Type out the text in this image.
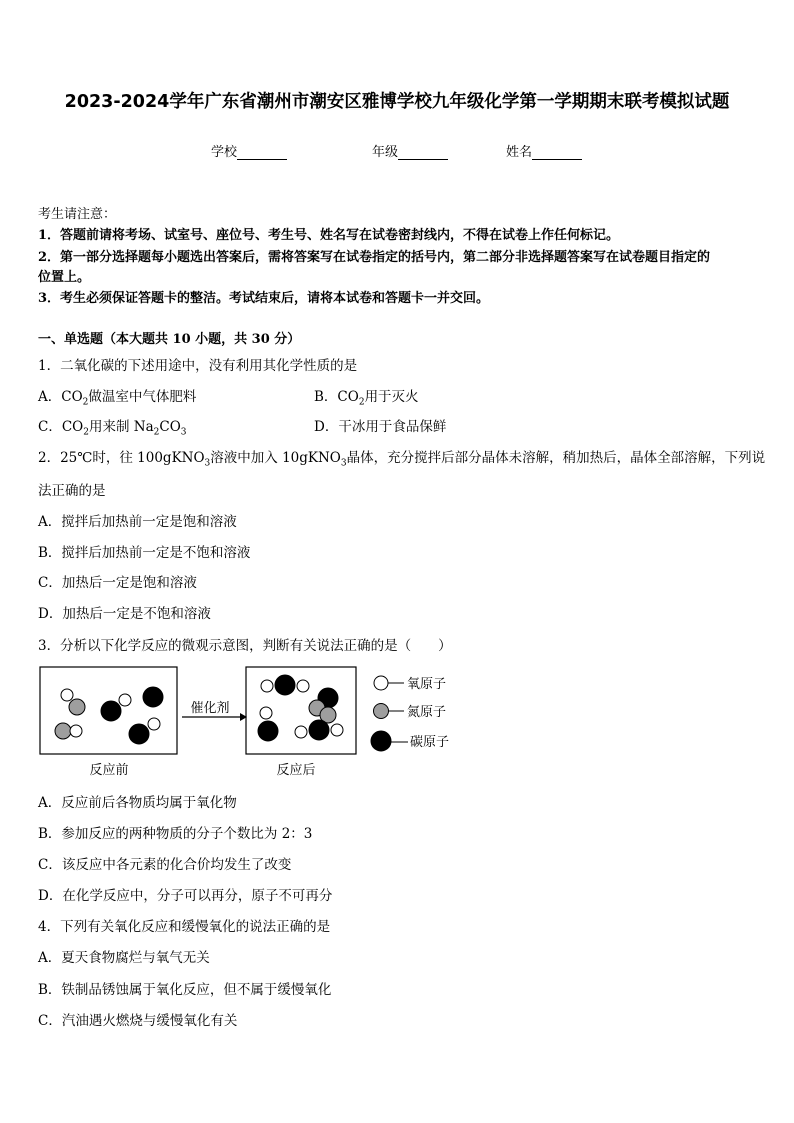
2023-2024学年广东省潮州市潮安区雅博学校九年级化学第一学期期末联考模拟试题
学校	年级	姓名
考生请注意：
1．答题前请将考场、试室号、座位号、考生号、姓名写在试卷密封线内，不得在试卷上作任何标记。
2．第一部分选择题每小题选出答案后，需将答案写在试卷指定的括号内，第二部分非选择题答案写在试卷题目指定的
位置上。
3．考生必须保证答题卡的整洁。考试结束后，请将本试卷和答题卡一并交回。
一、单选题（本大题共 10 小题，共 30 分）
1．二氧化碳的下述用途中，没有利用其化学性质的是
A．$CO_2$做温室中气体肥料	B．$CO_2$用于灭火
C．$CO_2$用来制 $Na_2CO_3$	D．干冰用于食品保鲜
2．25℃时，往 100gKNO$_3$溶液中加入 10gKNO$_3$晶体，充分搅拌后部分晶体未溶解，稍加热后，晶体全部溶解，下列说
法正确的是
A．搅拌后加热前一定是饱和溶液
B．搅拌后加热前一定是不饱和溶液
C．加热后一定是饱和溶液
D．加热后一定是不饱和溶液
3．分析以下化学反应的微观示意图，判断有关说法正确的是（　　）
催化剂
反应前	反应后
氧原子
氮原子
碳原子
A．反应前后各物质均属于氧化物
B．参加反应的两种物质的分子个数比为 2：3
C．该反应中各元素的化合价均发生了改变
D．在化学反应中，分子可以再分，原子不可再分
4．下列有关氧化反应和缓慢氧化的说法正确的是
A．夏天食物腐烂与氧气无关
B．铁制品锈蚀属于氧化反应，但不属于缓慢氧化
C．汽油遇火燃烧与缓慢氧化有关
